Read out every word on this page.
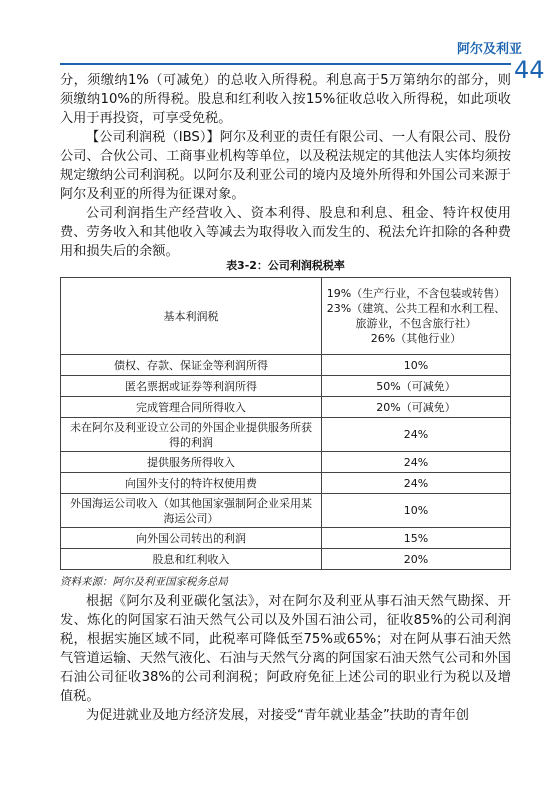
阿尔及利亚
44

分，须缴纳1%（可减免）的总收入所得税。利息高于5万第纳尔的部分，则须缴纳10%的所得税。股息和红利收入按15%征收总收入所得税，如此项收入用于再投资，可享受免税。

【公司利润税（IBS）】阿尔及利亚的责任有限公司、一人有限公司、股份公司、合伙公司、工商事业机构等单位，以及税法规定的其他法人实体均须按规定缴纳公司利润税。以阿尔及利亚公司的境内及境外所得和外国公司来源于阿尔及利亚的所得为征课对象。

公司利润指生产经营收入、资本利得、股息和利息、租金、特许权使用费、劳务收入和其他收入等减去为取得收入而发生的、税法允许扣除的各种费用和损失后的余额。

表3-2：公司利润税税率
基本利润税	19%（生产行业，不含包装或转售）
23%（建筑、公共工程和水利工程、旅游业，不包含旅行社）
26%（其他行业）

债权、存款、保证金等利润所得	10%
匿名票据或证券等利润所得	50%（可减免）
完成管理合同所得收入	20%（可减免）
未在阿尔及利亚设立公司的外国企业提供服务所获得的利润	24%
提供服务所得收入	24%
向国外支付的特许权使用费	24%
外国海运公司收入（如其他国家强制阿企业采用某海运公司）	10%
向外国公司转出的利润	15%
股息和红利收入	20%
资料来源：阿尔及利亚国家税务总局

根据《阿尔及利亚碳化氢法》，对在阿尔及利亚从事石油天然气勘探、开发、炼化的阿国家石油天然气公司以及外国石油公司，征收85%的公司利润税，根据实施区域不同，此税率可降低至75%或65%；对在阿从事石油天然气管道运输、天然气液化、石油与天然气分离的阿国家石油天然气公司和外国石油公司征收38%的公司利润税；阿政府免征上述公司的职业行为税以及增值税。

为促进就业及地方经济发展，对接受“青年就业基金”扶助的青年创
